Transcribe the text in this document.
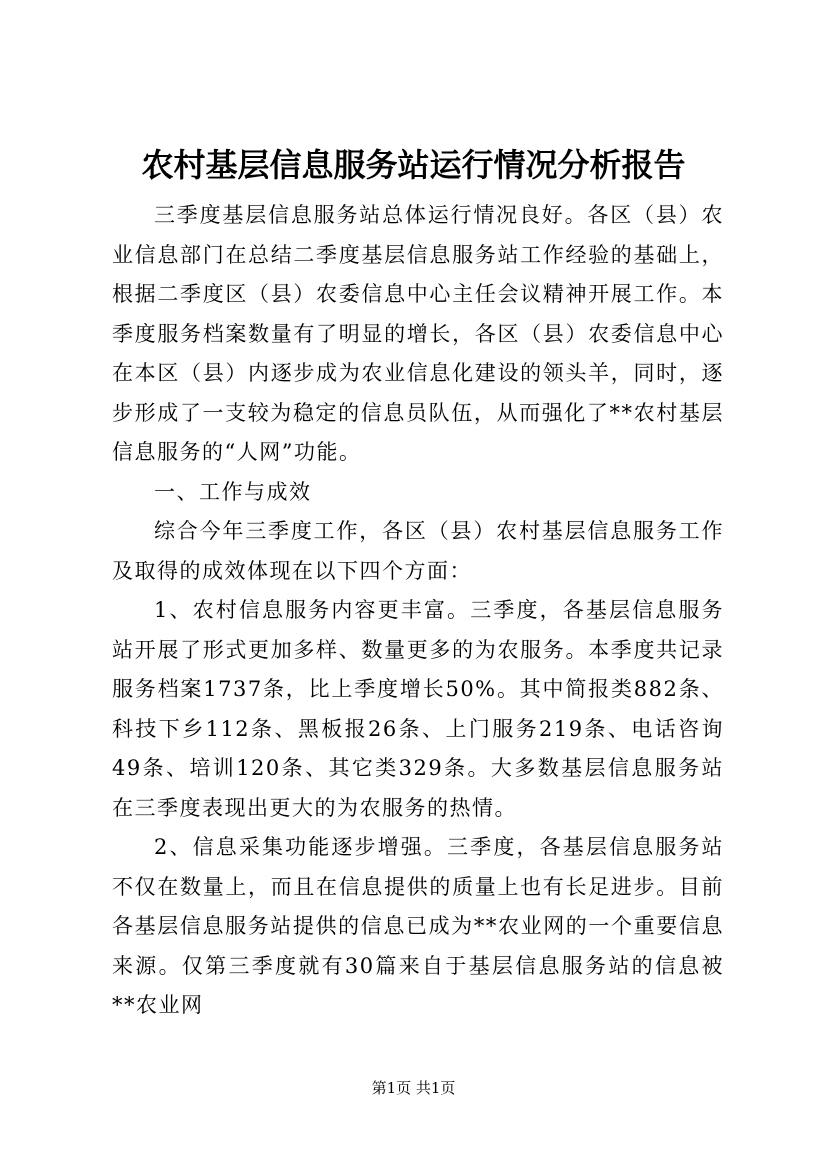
农村基层信息服务站运行情况分析报告

三季度基层信息服务站总体运行情况良好。各区（县）农业信息部门在总结二季度基层信息服务站工作经验的基础上，根据二季度区（县）农委信息中心主任会议精神开展工作。本季度服务档案数量有了明显的增长，各区（县）农委信息中心在本区（县）内逐步成为农业信息化建设的领头羊，同时，逐步形成了一支较为稳定的信息员队伍，从而强化了**农村基层信息服务的“人网”功能。

一、工作与成效

综合今年三季度工作，各区（县）农村基层信息服务工作及取得的成效体现在以下四个方面：

1、农村信息服务内容更丰富。三季度，各基层信息服务站开展了形式更加多样、数量更多的为农服务。本季度共记录服务档案1737条，比上季度增长50%。其中简报类882条、科技下乡112条、黑板报26条、上门服务219条、电话咨询49条、培训120条、其它类329条。大多数基层信息服务站在三季度表现出更大的为农服务的热情。

2、信息采集功能逐步增强。三季度，各基层信息服务站不仅在数量上，而且在信息提供的质量上也有长足进步。目前各基层信息服务站提供的信息已成为**农业网的一个重要信息来源。仅第三季度就有30篇来自于基层信息服务站的信息被**农业网

第1页 共1页
